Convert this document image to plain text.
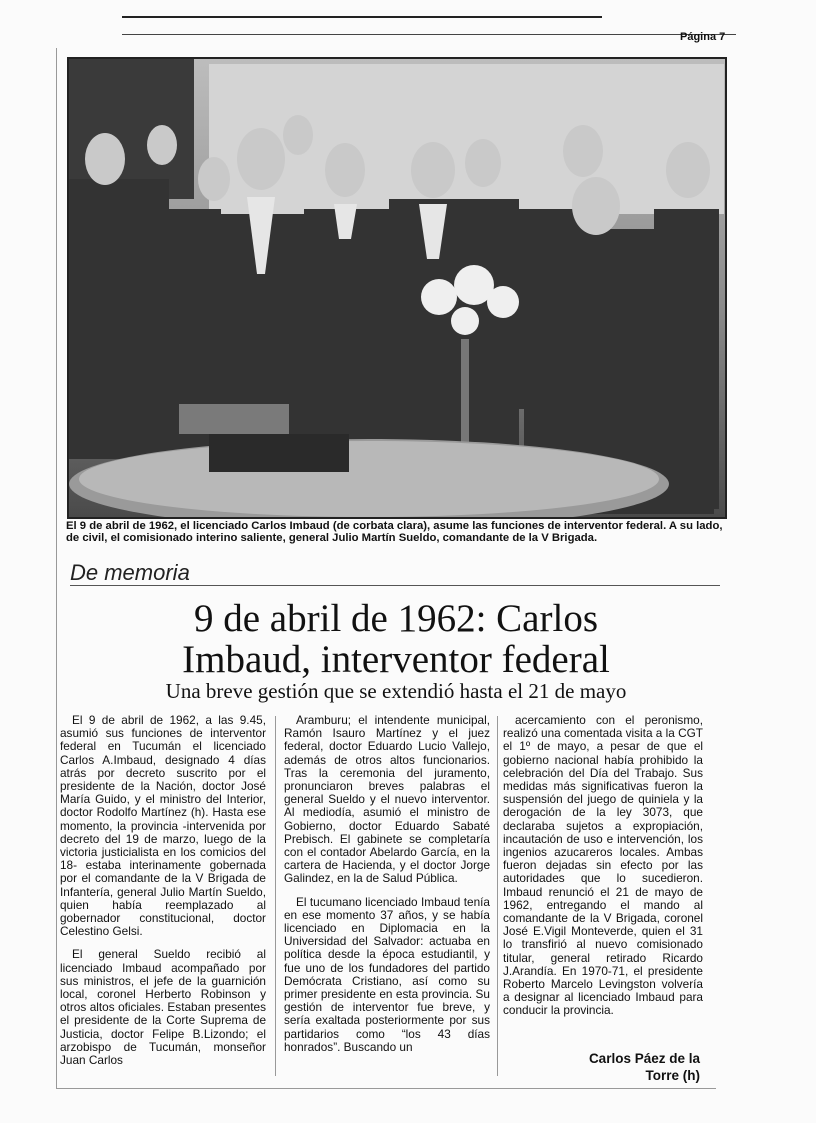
Página 7
El 9 de abril de 1962, el licenciado Carlos Imbaud (de corbata clara), asume las funciones de interventor federal. A su lado, de civil, el comisionado interino saliente, general Julio Martín Sueldo, comandante de la V Brigada.
De memoria
9 de abril de 1962: Carlos
Imbaud, interventor federal
Una breve gestión que se extendió hasta el 21 de mayo

El 9 de abril de 1962, a las 9.45, asumió sus funciones de interventor federal en Tucumán el licenciado Carlos A.Imbaud, designado 4 días atrás por decreto suscrito por el presidente de la Nación, doctor José María Guido, y el ministro del Interior, doctor Rodolfo Martínez (h). Hasta ese momento, la provincia -intervenida por decreto del 19 de marzo, luego de la victoria justicialista en los comicios del 18- estaba interinamente gobernada por el comandante de la V Brigada de Infantería, general Julio Martín Sueldo, quien había reemplazado al gobernador constitucional, doctor Celestino Gelsi.

El general Sueldo recibió al licenciado Imbaud acompañado por sus ministros, el jefe de la guarnición local, coronel Herberto Robinson y otros altos oficiales. Estaban presentes el presidente de la Corte Suprema de Justicia, doctor Felipe B.Lizondo; el arzobispo de Tucumán, monseñor Juan Carlos

Aramburu; el intendente municipal, Ramón Isauro Martínez y el juez federal, doctor Eduardo Lucio Vallejo, además de otros altos funcionarios. Tras la ceremonia del juramento, pronunciaron breves palabras el general Sueldo y el nuevo interventor. Al mediodía, asumió el ministro de Gobierno, doctor Eduardo Sabaté Prebisch. El gabinete se completaría con el contador Abelardo García, en la cartera de Hacienda, y el doctor Jorge Galindez, en la de Salud Pública.

El tucumano licenciado Imbaud tenía en ese momento 37 años, y se había licenciado en Diplomacia en la Universidad del Salvador: actuaba en política desde la época estudiantil, y fue uno de los fundadores del partido Demócrata Cristiano, así como su primer presidente en esta provincia. Su gestión de interventor fue breve, y sería exaltada posteriormente por sus partidarios como “los 43 días honrados”. Buscando un

acercamiento con el peronismo, realizó una comentada visita a la CGT el 1º de mayo, a pesar de que el gobierno nacional había prohibido la celebración del Día del Trabajo. Sus medidas más significativas fueron la suspensión del juego de quiniela y la derogación de la ley 3073, que declaraba sujetos a expropiación, incautación de uso e intervención, los ingenios azucareros locales. Ambas fueron dejadas sin efecto por las autoridades que lo sucedieron. Imbaud renunció el 21 de mayo de 1962, entregando el mando al comandante de la V Brigada, coronel José E.Vigil Monteverde, quien el 31 lo transfirió al nuevo comisionado titular, general retirado Ricardo J.Arandía. En 1970-71, el presidente Roberto Marcelo Levingston volvería a designar al licenciado Imbaud para conducir la provincia.

Carlos Páez de la
Torre (h)
